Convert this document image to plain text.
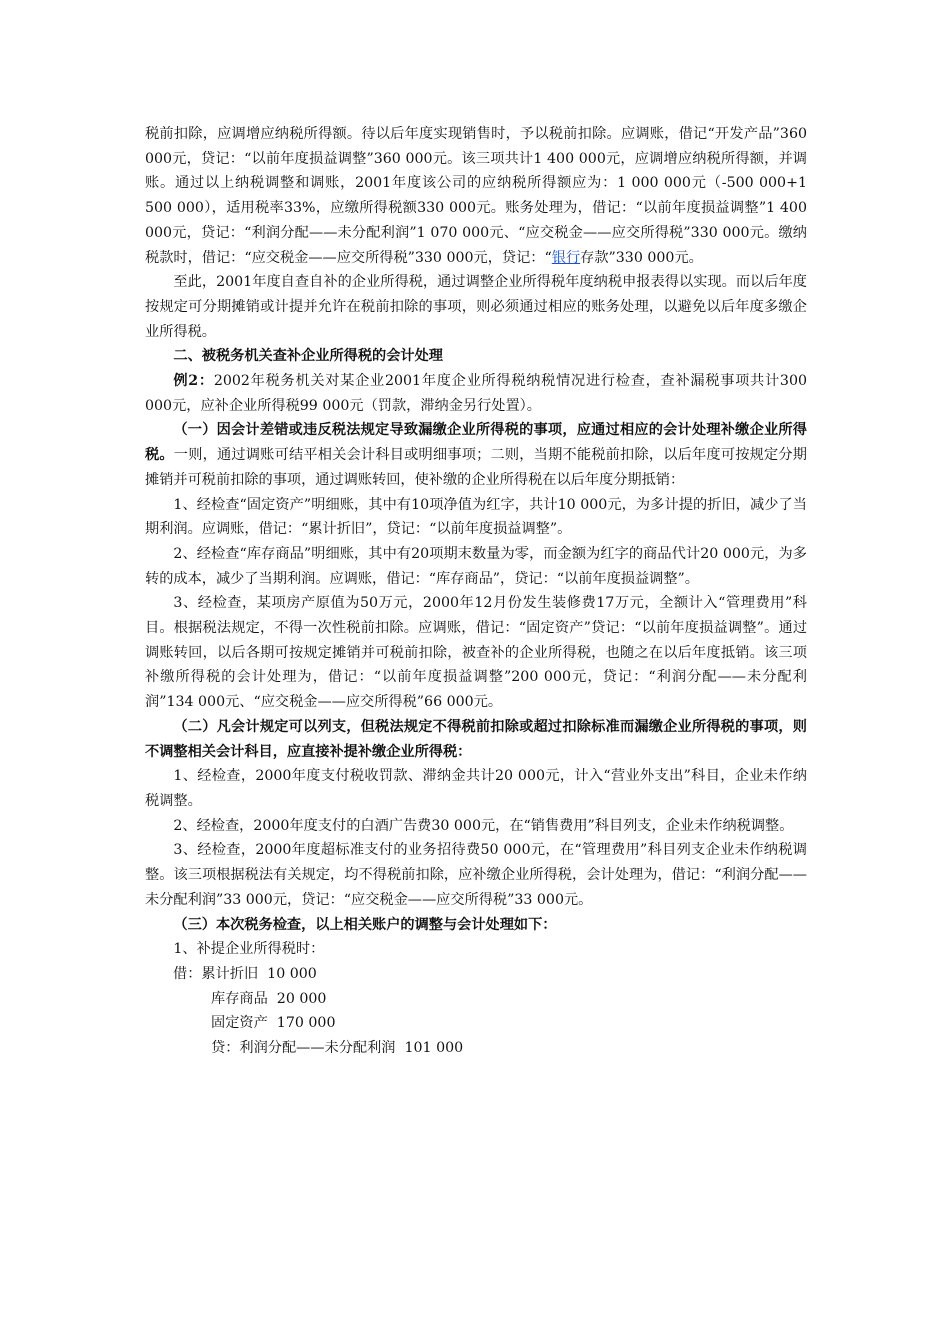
税前扣除，应调增应纳税所得额。待以后年度实现销售时，予以税前扣除。应调账，借记“开发产品”360 000元，贷记：“以前年度损益调整”360 000元。该三项共计1 400 000元，应调增应纳税所得额，并调账。通过以上纳税调整和调账，2001年度该公司的应纳税所得额应为：1 000 000元（-500 000+1 500 000），适用税率33%，应缴所得税额330 000元。账务处理为，借记：“以前年度损益调整”1 400 000元，贷记：“利润分配——未分配利润”1 070 000元、“应交税金——应交所得税”330 000元。缴纳税款时，借记：“应交税金——应交所得税”330 000元，贷记：“银行存款”330 000元。

至此，2001年度自查自补的企业所得税，通过调整企业所得税年度纳税申报表得以实现。而以后年度按规定可分期摊销或计提并允许在税前扣除的事项，则必须通过相应的账务处理，以避免以后年度多缴企业所得税。

二、被税务机关查补企业所得税的会计处理

例2：2002年税务机关对某企业2001年度企业所得税纳税情况进行检查，查补漏税事项共计300 000元，应补企业所得税99 000元（罚款，滞纳金另行处置）。

（一）因会计差错或违反税法规定导致漏缴企业所得税的事项，应通过相应的会计处理补缴企业所得税。一则，通过调账可结平相关会计科目或明细事项；二则，当期不能税前扣除，以后年度可按规定分期摊销并可税前扣除的事项，通过调账转回，使补缴的企业所得税在以后年度分期抵销：

1、经检查“固定资产”明细账，其中有10项净值为红字，共计10 000元，为多计提的折旧，减少了当期利润。应调账，借记：“累计折旧”，贷记：“以前年度损益调整”。

2、经检查“库存商品”明细账，其中有20项期末数量为零，而金额为红字的商品代计20 000元，为多转的成本，减少了当期利润。应调账，借记：“库存商品”，贷记：“以前年度损益调整”。

3、经检查，某项房产原值为50万元，2000年12月份发生装修费17万元，全额计入“管理费用”科目。根据税法规定，不得一次性税前扣除。应调账，借记：“固定资产”贷记：“以前年度损益调整”。通过调账转回，以后各期可按规定摊销并可税前扣除，被查补的企业所得税，也随之在以后年度抵销。该三项补缴所得税的会计处理为，借记：“以前年度损益调整”200 000元，贷记：“利润分配——未分配利润”134 000元、“应交税金——应交所得税”66 000元。

（二）凡会计规定可以列支，但税法规定不得税前扣除或超过扣除标准而漏缴企业所得税的事项，则不调整相关会计科目，应直接补提补缴企业所得税：

1、经检查，2000年度支付税收罚款、滞纳金共计20 000元，计入“营业外支出”科目，企业未作纳税调整。

2、经检查，2000年度支付的白酒广告费30 000元，在“销售费用”科目列支，企业未作纳税调整。

3、经检查，2000年度超标准支付的业务招待费50 000元，在“管理费用”科目列支企业未作纳税调整。该三项根据税法有关规定，均不得税前扣除，应补缴企业所得税，会计处理为，借记：“利润分配——未分配利润”33 000元，贷记：“应交税金——应交所得税”33 000元。

（三）本次税务检查，以上相关账户的调整与会计处理如下：

1、补提企业所得税时：

借：累计折旧 10 000

库存商品 20 000

固定资产 170 000

贷：利润分配——未分配利润 101 000
